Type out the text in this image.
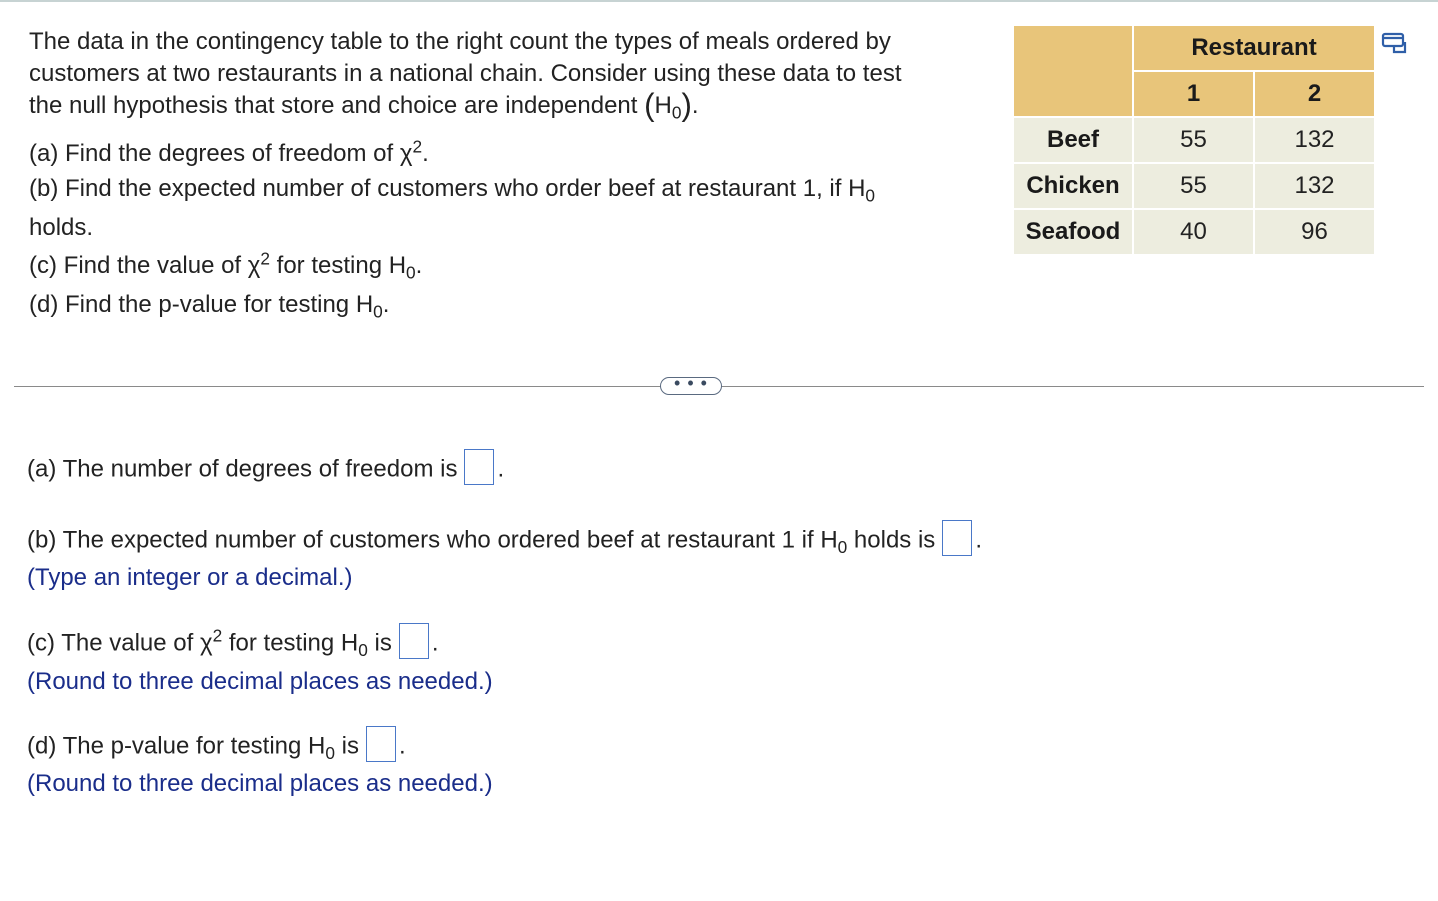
The data in the contingency table to the right count the types of meals ordered by
customers at two restaurants in a national chain. Consider using these data to test
the null hypothesis that store and choice are independent $(H_0)$.
(a) Find the degrees of freedom of $\chi^2$.
(b) Find the expected number of customers who order beef at restaurant 1, if $H_0$
holds.
(c) Find the value of $\chi^2$ for testing $H_0$.
(d) Find the p-value for testing $H_0$.
	Restaurant	
	1	2
Beef	55	132
Chicken	55	132
Seafood	40	96
• • •
(a) The number of degrees of freedom is .
(b) The expected number of customers who ordered beef at restaurant 1 if $H_0$ holds is .
(Type an integer or a decimal.)
(c) The value of $\chi^2$ for testing $H_0$ is .
(Round to three decimal places as needed.)
(d) The p-value for testing $H_0$ is .
(Round to three decimal places as needed.)
